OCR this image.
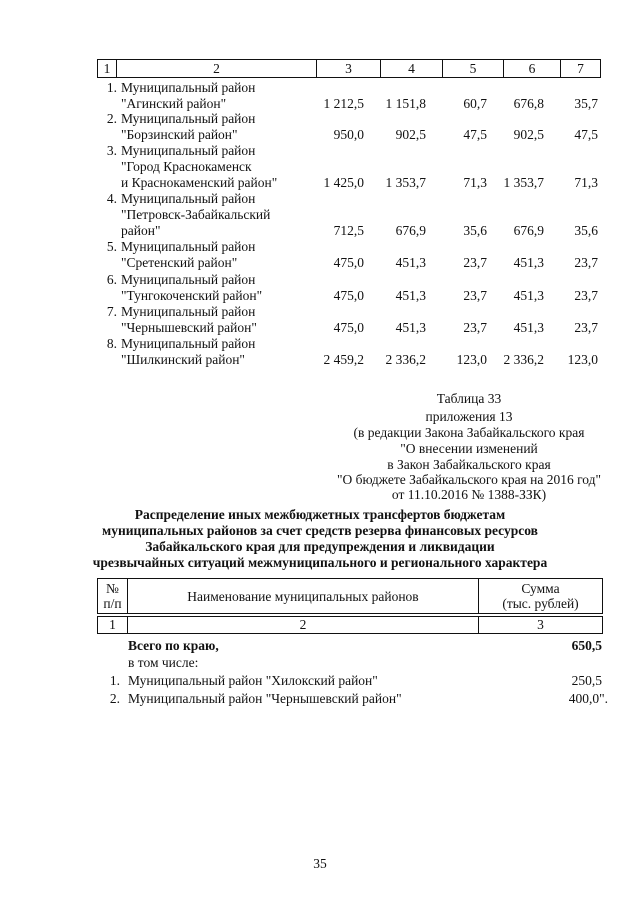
1	2	3	4	5	6	7
1. Муниципальный район
"Агинский район"	1 212,5	1 151,8	60,7	676,8	35,7
2. Муниципальный район
"Борзинский район"	950,0	902,5	47,5	902,5	47,5
3. Муниципальный район
"Город Краснокаменск
и Краснокаменский район"	1 425,0	1 353,7	71,3	1 353,7	71,3
4. Муниципальный район
"Петровск-Забайкальский
район"	712,5	676,9	35,6	676,9	35,6
5. Муниципальный район
"Сретенский район"	475,0	451,3	23,7	451,3	23,7
6. Муниципальный район
"Тунгокоченский район"	475,0	451,3	23,7	451,3	23,7
7. Муниципальный район
"Чернышевский район"	475,0	451,3	23,7	451,3	23,7
8. Муниципальный район
"Шилкинский район"	2 459,2	2 336,2	123,0	2 336,2	123,0
Таблица 33
приложения 13
(в редакции Закона Забайкальского края
"О внесении изменений
в Закон Забайкальского края
"О бюджете Забайкальского края на 2016 год"
от 11.10.2016 № 1388-ЗЗК)
Распределение иных межбюджетных трансфертов бюджетам
муниципальных районов за счет средств резерва финансовых ресурсов
Забайкальского края для предупреждения и ликвидации
чрезвычайных ситуаций межмуниципального и регионального характера
№
п/п	Наименование муниципальных районов	Сумма
(тыс. рублей)
1	2	3
Всего по краю,	650,5
в том числе:
1. Муниципальный район "Хилокский район"	250,5
2. Муниципальный район "Чернышевский район"	400,0".
35
